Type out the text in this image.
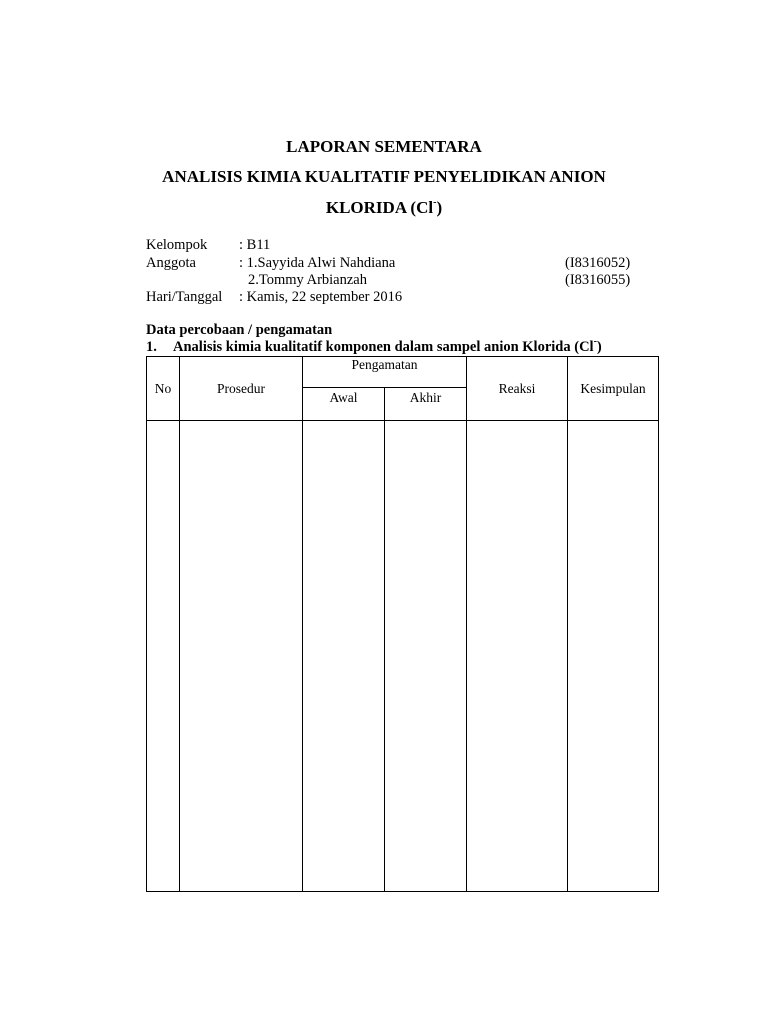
LAPORAN SEMENTARA
ANALISIS KIMIA KUALITATIF PENYELIDIKAN ANION
KLORIDA (Cl-)
Kelompok : B11
Anggota	: 1.Sayyida Alwi Nahdiana	(I8316052)
2.Tommy Arbianzah	(I8316055)
Hari/Tanggal : Kamis, 22 september 2016
Data percobaan / pengamatan
1. Analisis kimia kualitatif komponen dalam sampel anion Klorida (Cl-)
No	Prosedur	Pengamatan		Reaksi	Kesimpulan
		Awal	Akhir		
